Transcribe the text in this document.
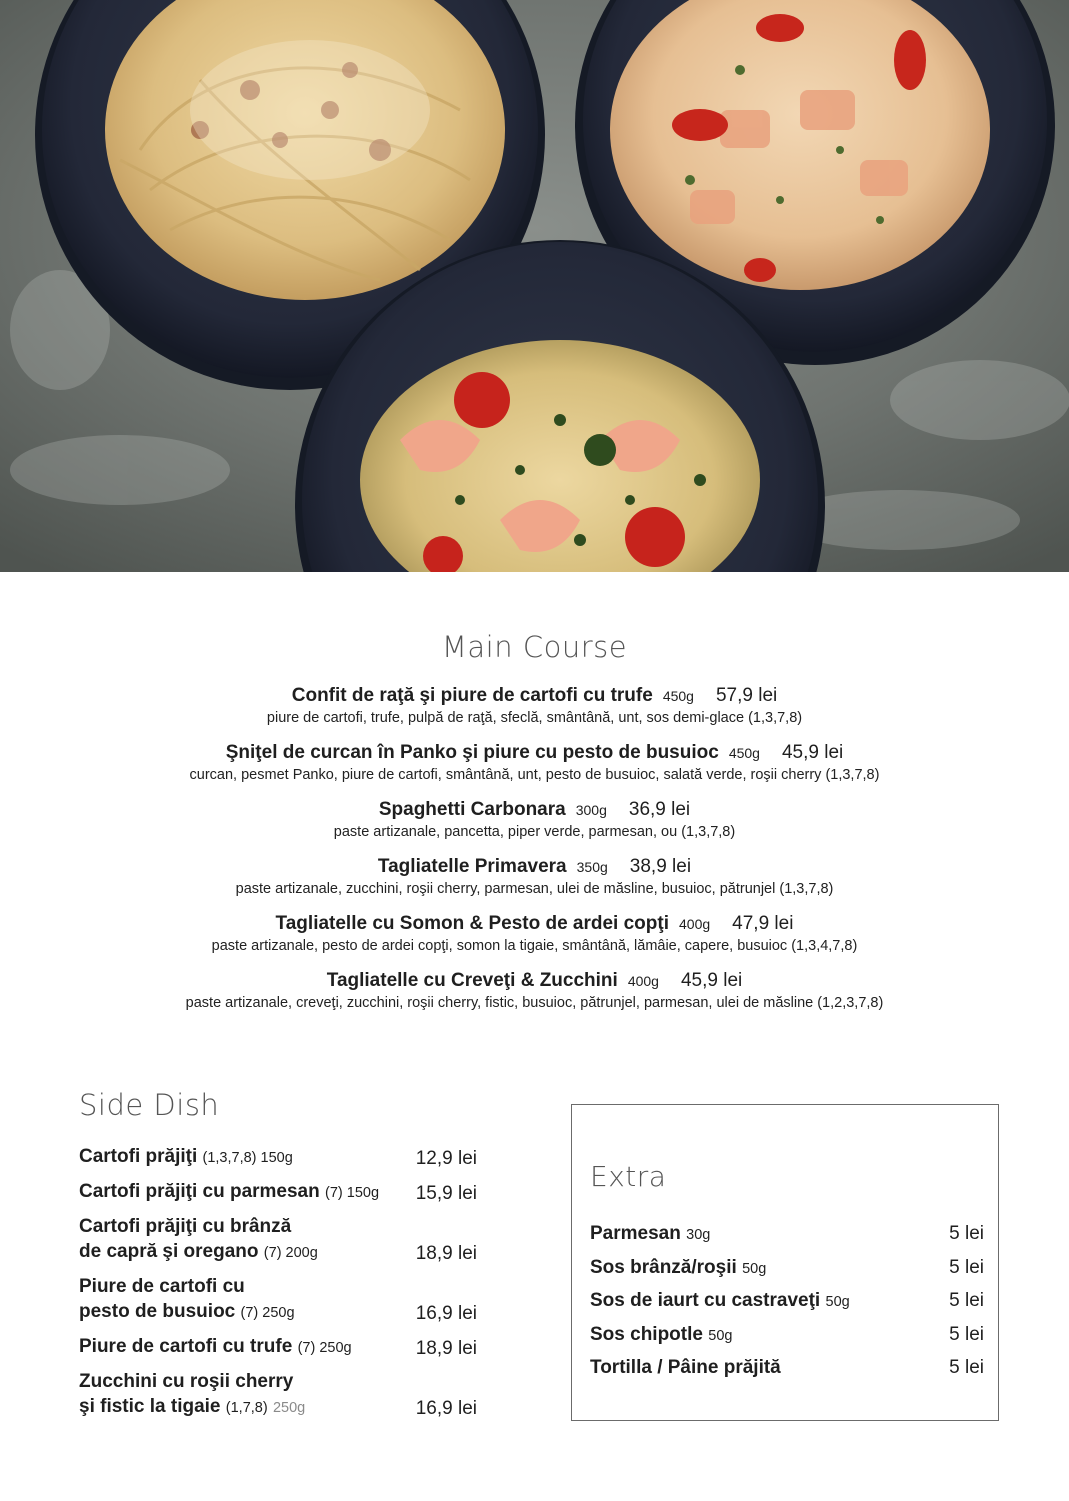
Main Course
Confit de raţă şi piure de cartofi cu trufe 450g 57,9 lei
piure de cartofi, trufe, pulpă de raţă, sfeclă, smântână, unt, sos demi-glace (1,3,7,8)
Şniţel de curcan în Panko şi piure cu pesto de busuioc 450g 45,9 lei
curcan, pesmet Panko, piure de cartofi, smântână, unt, pesto de busuioc, salată verde, roşii cherry (1,3,7,8)
Spaghetti Carbonara 300g 36,9 lei
paste artizanale, pancetta, piper verde, parmesan, ou (1,3,7,8)
Tagliatelle Primavera 350g 38,9 lei
paste artizanale, zucchini, roşii cherry, parmesan, ulei de măsline, busuioc, pătrunjel (1,3,7,8)
Tagliatelle cu Somon & Pesto de ardei copţi 400g 47,9 lei
paste artizanale, pesto de ardei copţi, somon la tigaie, smântână, lămâie, capere, busuioc (1,3,4,7,8)
Tagliatelle cu Creveţi & Zucchini 400g 45,9 lei
paste artizanale, creveţi, zucchini, roşii cherry, fistic, busuioc, pătrunjel, parmesan, ulei de măsline (1,2,3,7,8)
Side Dish
Cartofi prăjiţi (1,3,7,8) 150g	12,9 lei
Cartofi prăjiţi cu parmesan (7) 150g	15,9 lei
Cartofi prăjiţi cu brânză
de capră şi oregano (7) 200g	18,9 lei
Piure de cartofi cu
pesto de busuioc (7) 250g	16,9 lei
Piure de cartofi cu trufe (7) 250g	18,9 lei
Zucchini cu roşii cherry
şi fistic la tigaie (1,7,8) 250g	16,9 lei
Extra
Parmesan 30g	5 lei
Sos brânză/roşii 50g	5 lei
Sos de iaurt cu castraveţi 50g	5 lei
Sos chipotle 50g	5 lei
Tortilla / Pâine prăjită	5 lei
